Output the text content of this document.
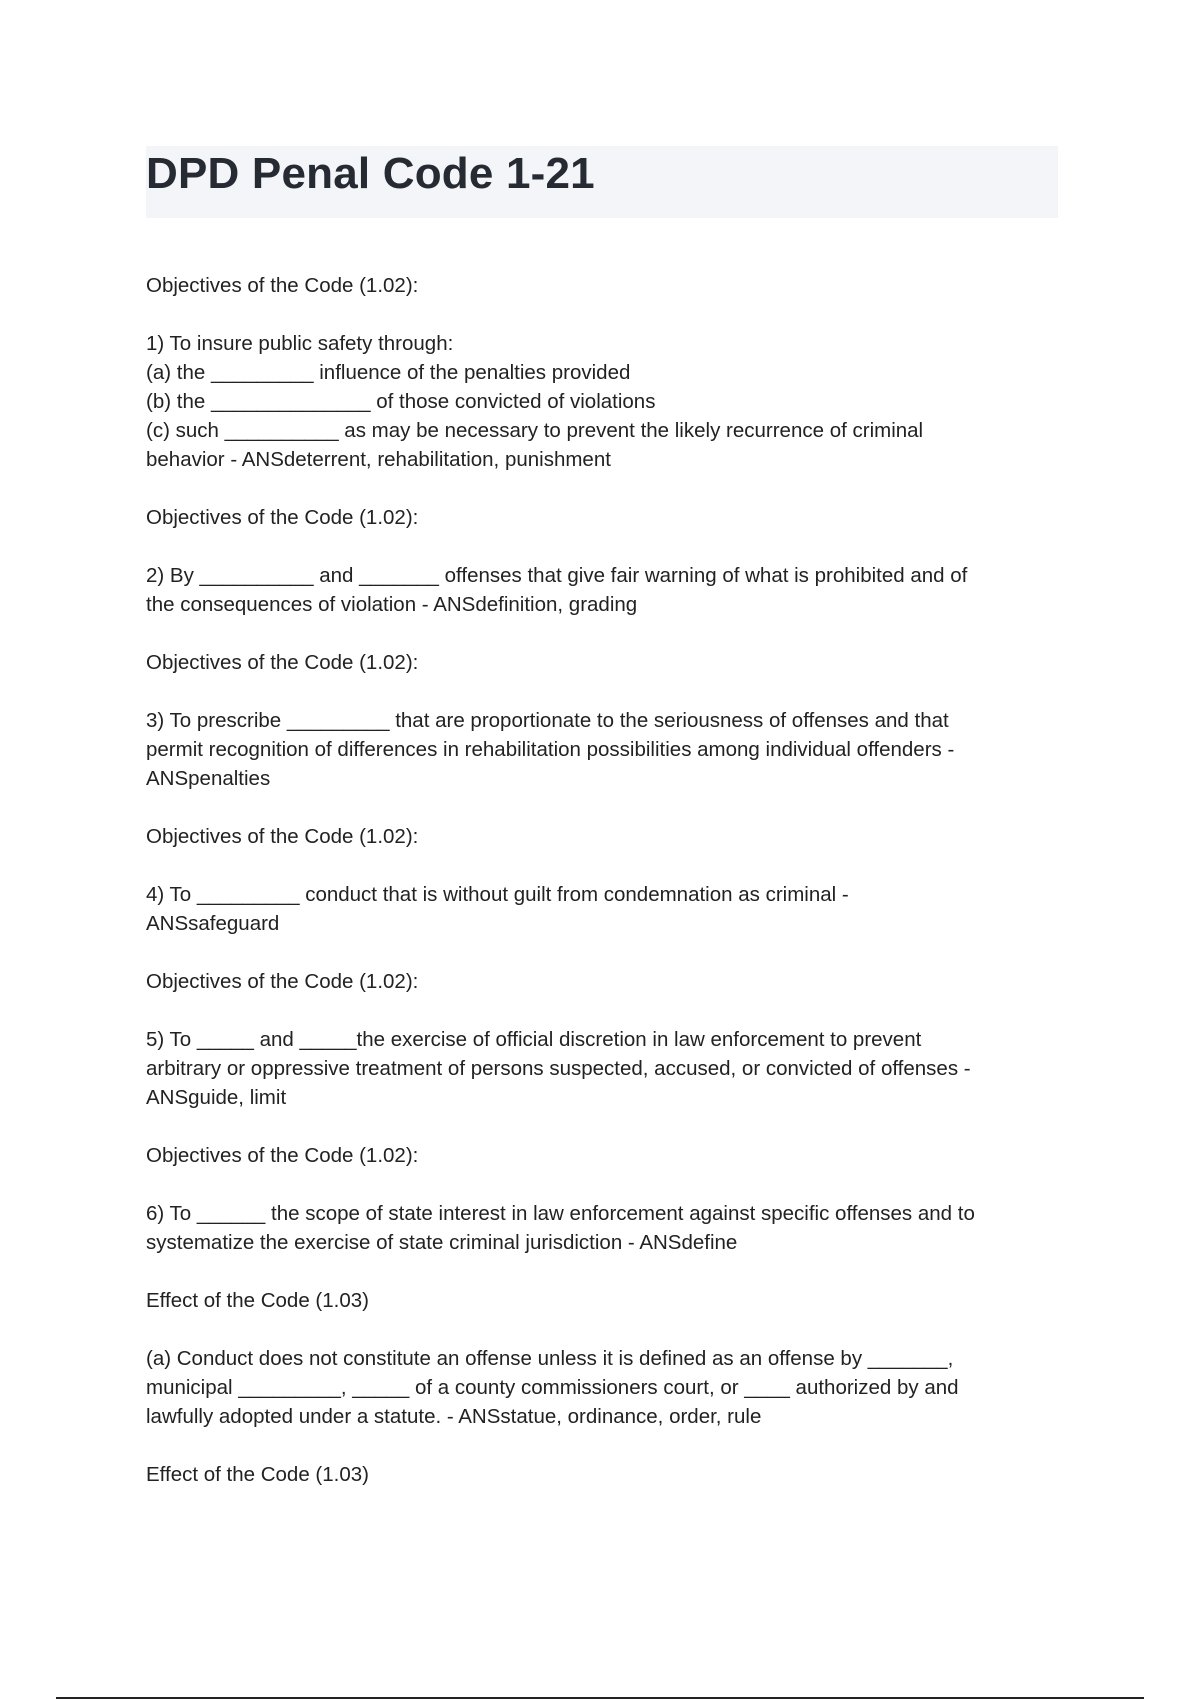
DPD Penal Code 1-21
Objectives of the Code (1.02):
1) To insure public safety through:
(a) the _________ influence of the penalties provided
(b) the ______________ of those convicted of violations
(c) such __________ as may be necessary to prevent the likely recurrence of criminal
behavior - ANSdeterrent, rehabilitation, punishment
Objectives of the Code (1.02):
2) By __________ and _______ offenses that give fair warning of what is prohibited and of
the consequences of violation - ANSdefinition, grading
Objectives of the Code (1.02):
3) To prescribe _________ that are proportionate to the seriousness of offenses and that
permit recognition of differences in rehabilitation possibilities among individual offenders -
ANSpenalties
Objectives of the Code (1.02):
4) To _________ conduct that is without guilt from condemnation as criminal -
ANSsafeguard
Objectives of the Code (1.02):
5) To _____ and _____the exercise of official discretion in law enforcement to prevent
arbitrary or oppressive treatment of persons suspected, accused, or convicted of offenses -
ANSguide, limit
Objectives of the Code (1.02):
6) To ______ the scope of state interest in law enforcement against specific offenses and to
systematize the exercise of state criminal jurisdiction - ANSdefine
Effect of the Code (1.03)
(a) Conduct does not constitute an offense unless it is defined as an offense by _______,
municipal _________, _____ of a county commissioners court, or ____ authorized by and
lawfully adopted under a statute. - ANSstatue, ordinance, order, rule
Effect of the Code (1.03)
